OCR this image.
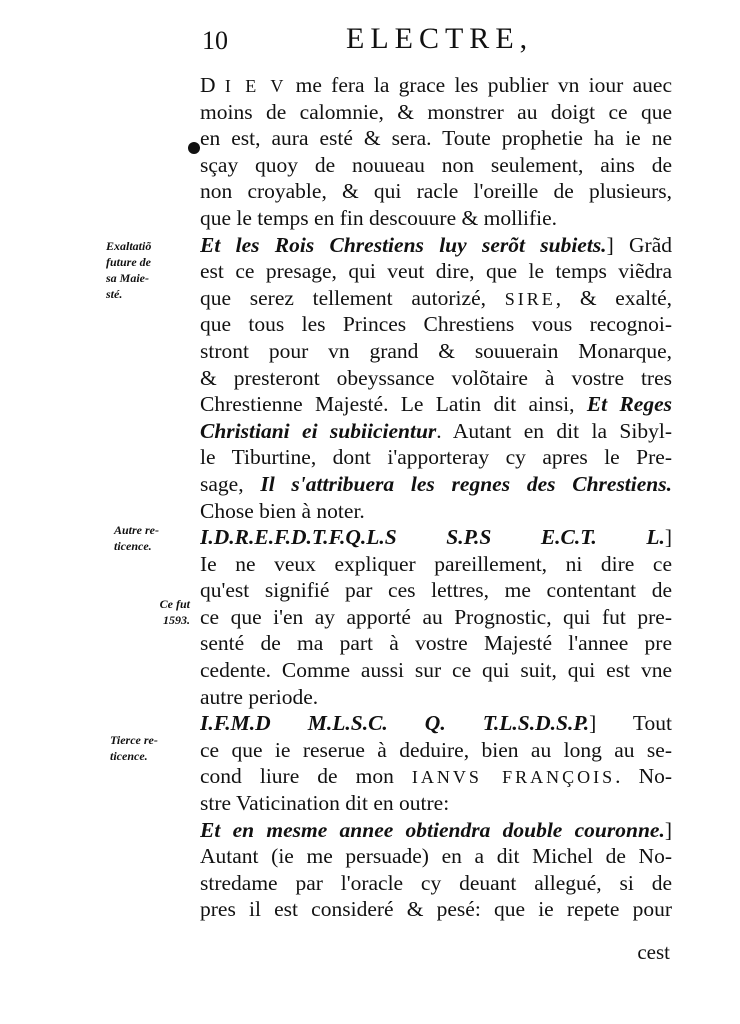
10	ELECTRE,
Exaltatiõ
future de
sa Maie-
sté.
Autre re-
ticence.
Ce fut
1593.
Tierce re-
ticence.
D I E V me fera la grace les publier vn iour auec
moins de calomnie, & monstrer au doigt ce que
en est, aura esté & sera. Toute prophetie ha ie ne
sçay quoy de nouueau non seulement, ains de
non croyable, & qui racle l'oreille de plusieurs,
que le temps en fin descouure & mollifie.
Et les Rois Chrestiens luy serõt subiets.] Grãd
est ce presage, qui veut dire, que le temps viẽdra
que serez tellement autorizé, SIRE, & exalté,
que tous les Princes Chrestiens vous recognoi-
stront pour vn grand & souuerain Monarque,
& presteront obeyssance volõtaire à vostre tres
Chrestienne Majesté. Le Latin dit ainsi, Et Reges
Christiani ei subiicientur. Autant en dit la Sibyl-
le Tiburtine, dont i'apporteray cy apres le Pre-
sage, Il s'attribuera les regnes des Chrestiens.
Chose bien à noter.
I.D.R.E.F.D.T.F.Q.L.S S.P.S E.C.T. L.]
Ie ne veux expliquer pareillement, ni dire ce
qu'est signifié par ces lettres, me contentant de
ce que i'en ay apporté au Prognostic, qui fut pre-
senté de ma part à vostre Majesté l'annee pre
cedente. Comme aussi sur ce qui suit, qui est vne
autre periode.
I.F.M.D M.L.S.C. Q. T.L.S.D.S.P.] Tout
ce que ie reserue à deduire, bien au long au se-
cond liure de mon IANVS FRANÇOIS. No-
stre Vaticination dit en outre:
Et en mesme annee obtiendra double couronne.]
Autant (ie me persuade) en a dit Michel de No-
stredame par l'oracle cy deuant allegué, si de
pres il est consideré & pesé: que ie repete pour
cest
